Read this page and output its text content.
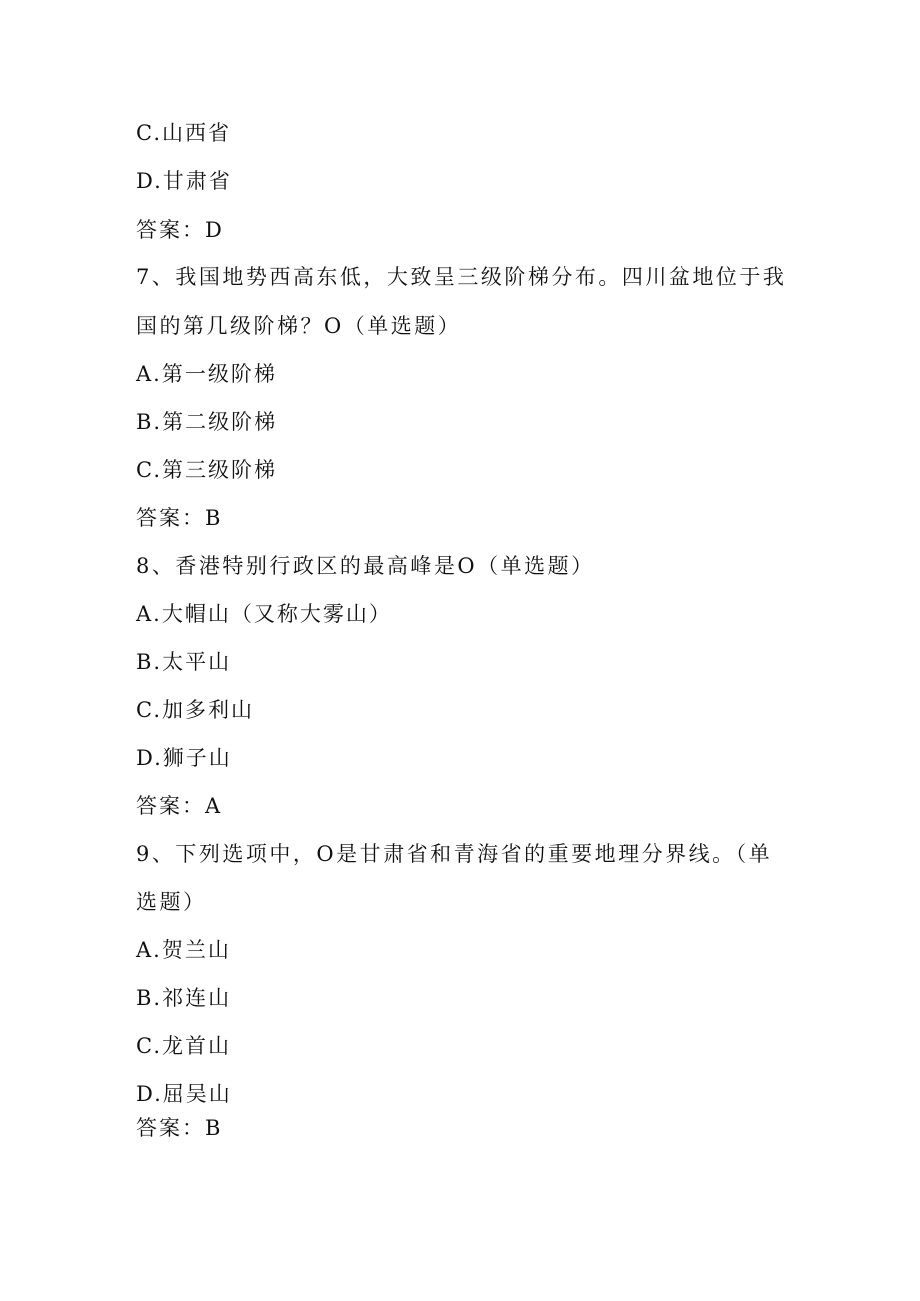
C.山西省
D.甘肃省
答案：D
7、我国地势西高东低，大致呈三级阶梯分布。四川盆地位于我
国的第几级阶梯？O（单选题）
A.第一级阶梯
B.第二级阶梯
C.第三级阶梯
答案：B
8、香港特别行政区的最高峰是O（单选题）
A.大帽山（又称大雾山）
B.太平山
C.加多利山
D.狮子山
答案：A
9、下列选项中，O是甘肃省和青海省的重要地理分界线。（单
选题）
A.贺兰山
B.祁连山
C.龙首山
D.屈吴山
答案：B
